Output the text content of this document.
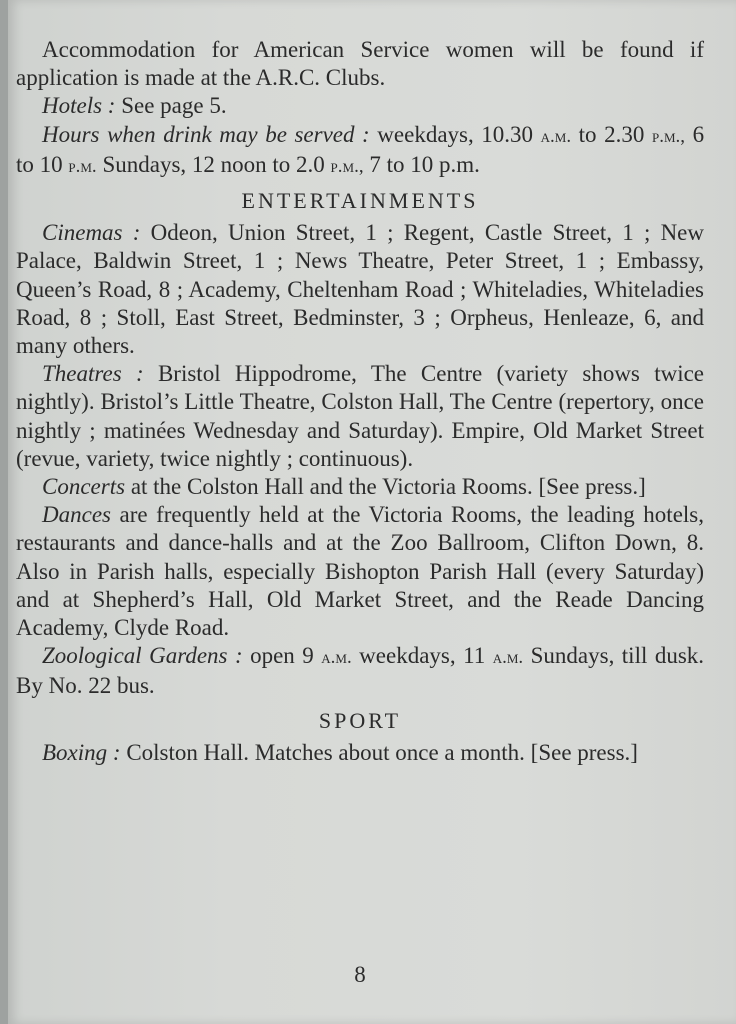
Accommodation for American Service women will be found if application is made at the A.R.C. Clubs.

Hotels : See page 5.

Hours when drink may be served : weekdays, 10.30 a.m. to 2.30 p.m., 6 to 10 p.m. Sundays, 12 noon to 2.0 p.m., 7 to 10 p.m.

ENTERTAINMENTS

Cinemas : Odeon, Union Street, 1 ; Regent, Castle Street, 1 ; New Palace, Baldwin Street, 1 ; News Theatre, Peter Street, 1 ; Embassy, Queen’s Road, 8 ; Academy, Cheltenham Road ; Whiteladies, Whiteladies Road, 8 ; Stoll, East Street, Bedminster, 3 ; Orpheus, Henleaze, 6, and many others.

Theatres : Bristol Hippodrome, The Centre (variety shows twice nightly). Bristol’s Little Theatre, Colston Hall, The Centre (repertory, once nightly ; matinées Wednesday and Saturday). Empire, Old Market Street (revue, variety, twice nightly ; continuous).

Concerts at the Colston Hall and the Victoria Rooms. [See press.]

Dances are frequently held at the Victoria Rooms, the leading hotels, restaurants and dance-halls and at the Zoo Ballroom, Clifton Down, 8. Also in Parish halls, especially Bishopton Parish Hall (every Saturday) and at Shepherd’s Hall, Old Market Street, and the Reade Dancing Academy, Clyde Road.

Zoological Gardens : open 9 a.m. weekdays, 11 a.m. Sundays, till dusk. By No. 22 bus.

SPORT

Boxing : Colston Hall. Matches about once a month. [See press.]

8
